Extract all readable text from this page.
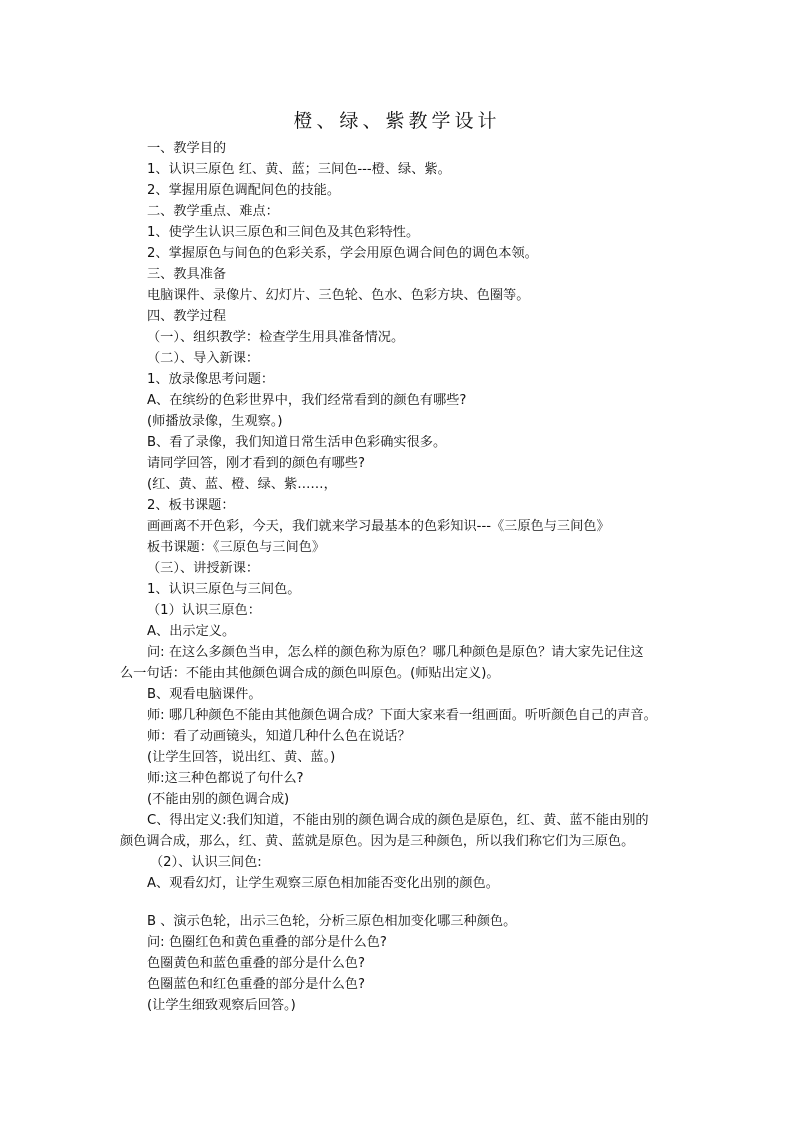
橙、绿、紫教学设计
一、教学目的
1、认识三原色 红、黄、蓝；三间色---橙、绿、紫。
2、掌握用原色调配间色的技能。
二、教学重点、难点：
1、使学生认识三原色和三间色及其色彩特性。
2、掌握原色与间色的色彩关系，学会用原色调合间色的调色本领。
三、教具准备
电脑课件、录像片、幻灯片、三色轮、色水、色彩方块、色圈等。
四、教学过程
（一）、组织教学：检查学生用具准备情况。
（二）、导入新课：
1、放录像思考问题：
A、在缤纷的色彩世界中，我们经常看到的颜色有哪些?
(师播放录像，生观察。)
B、看了录像，我们知道日常生活申色彩确实很多。
请同学回答，刚才看到的颜色有哪些?
(红、黄、蓝、橙、绿、紫……，
2、板书课题：
画画离不开色彩，今天，我们就来学习最基本的色彩知识---《三原色与三间色》
板书课题：《三原色与三间色》
（三）、讲授新课：
1、认识三原色与三间色。
（1）认识三原色：
A、出示定义。
问: 在这么多颜色当申，怎么样的颜色称为原色？哪几种颜色是原色？请大家先记住这
么一句话：不能由其他颜色调合成的颜色叫原色。(师贴出定义)。
B、观看电脑课件。
师: 哪几种颜色不能由其他颜色调合成？下面大家来看一组画面。听听颜色自己的声音。
师：看了动画镜头，知道几种什么色在说话？
(让学生回答，说出红、黄、蓝。)
师:这三种色都说了句什么?
(不能由别的颜色调合成)
C、得出定义:我们知道，不能由别的颜色调合成的颜色是原色，红、黄、蓝不能由别的
颜色调合成，那么，红、黄、蓝就是原色。因为是三种颜色，所以我们称它们为三原色。
（2）、认识三间色:
A、观看幻灯，让学生观察三原色相加能否变化出别的颜色。
B 、演示色轮，出示三色轮，分析三原色相加变化哪三种颜色。
问: 色圈红色和黄色重叠的部分是什么色?
色圈黄色和蓝色重叠的部分是什么色?
色圈蓝色和红色重叠的部分是什么色?
(让学生细致观察后回答。)
